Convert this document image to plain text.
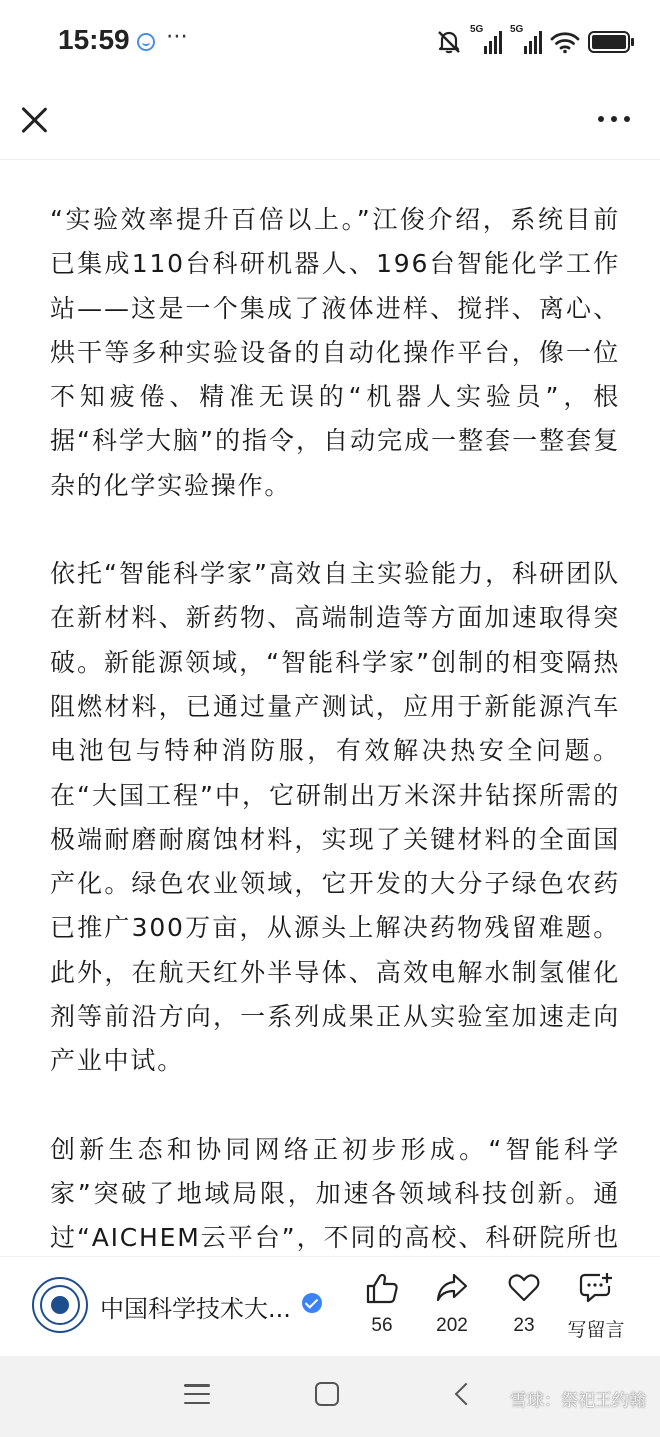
15:59 ⋯	5G	5G

“实验效率提升百倍以上。”江俊介绍，系统目前已集成110台科研机器人、196台智能化学工作站——这是一个集成了液体进样、搅拌、离心、烘干等多种实验设备的自动化操作平台，像一位不知疲倦、精准无误的“机器人实验员”，根据“科学大脑”的指令，自动完成一整套一整套复杂的化学实验操作。

依托“智能科学家”高效自主实验能力，科研团队在新材料、新药物、高端制造等方面加速取得突破。新能源领域，“智能科学家”创制的相变隔热阻燃材料，已通过量产测试，应用于新能源汽车电池包与特种消防服，有效解决热安全问题。在“大国工程”中，它研制出万米深井钻探所需的极端耐磨耐腐蚀材料，实现了关键材料的全面国产化。绿色农业领域，它开发的大分子绿色农药已推广300万亩，从源头上解决药物残留难题。此外，在航天红外半导体、高效电解水制氢催化剂等前沿方向，一系列成果正从实验室加速走向产业中试。

创新生态和协同网络正初步形成。“智能科学家”突破了地域局限，加速各领域科技创新。通过“AICHEM云平台”，不同的高校、科研院所也

中国科学技术大...
56	202	23	写留言
雪球：祭祀王约翰
